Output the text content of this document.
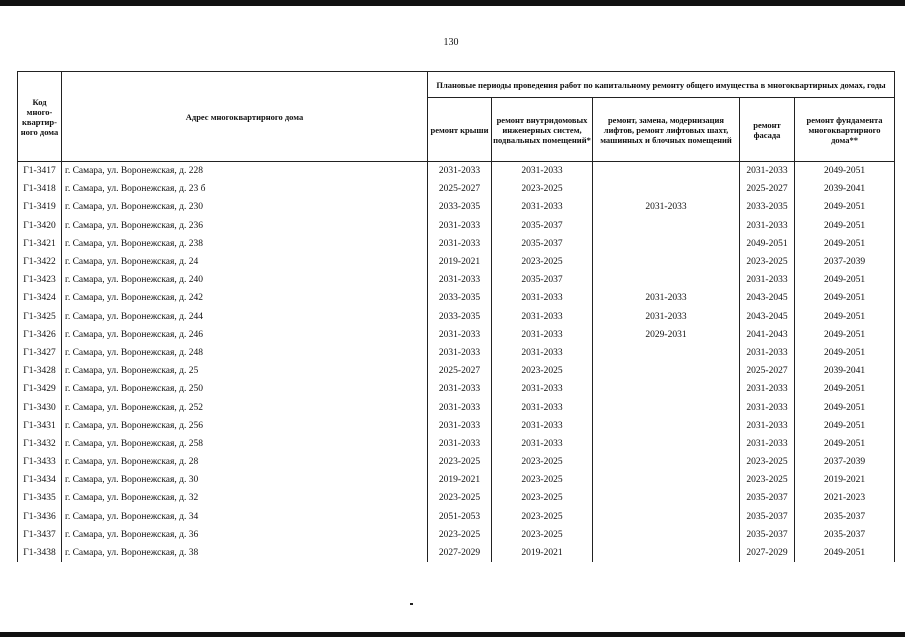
130
Код много-квартир-ного дома	Адрес многоквартирного дома	Плановые периоды проведения работ по капитальному ремонту общего имущества в многоквартирных домах, годы				
		ремонт крыши	ремонт внутридомовых инженерных систем, подвальных помещений*	ремонт, замена, модернизация лифтов, ремонт лифтовых шахт, машинных и блочных помещений	ремонт фасада	ремонт фундамента многоквартирного дома**
Г1-3417	г. Самара, ул. Воронежская, д. 228	2031-2033	2031-2033		2031-2033	2049-2051
Г1-3418	г. Самара, ул. Воронежская, д. 23 б	2025-2027	2023-2025		2025-2027	2039-2041
Г1-3419	г. Самара, ул. Воронежская, д. 230	2033-2035	2031-2033	2031-2033	2033-2035	2049-2051
Г1-3420	г. Самара, ул. Воронежская, д. 236	2031-2033	2035-2037		2031-2033	2049-2051
Г1-3421	г. Самара, ул. Воронежская, д. 238	2031-2033	2035-2037		2049-2051	2049-2051
Г1-3422	г. Самара, ул. Воронежская, д. 24	2019-2021	2023-2025		2023-2025	2037-2039
Г1-3423	г. Самара, ул. Воронежская, д. 240	2031-2033	2035-2037		2031-2033	2049-2051
Г1-3424	г. Самара, ул. Воронежская, д. 242	2033-2035	2031-2033	2031-2033	2043-2045	2049-2051
Г1-3425	г. Самара, ул. Воронежская, д. 244	2033-2035	2031-2033	2031-2033	2043-2045	2049-2051
Г1-3426	г. Самара, ул. Воронежская, д. 246	2031-2033	2031-2033	2029-2031	2041-2043	2049-2051
Г1-3427	г. Самара, ул. Воронежская, д. 248	2031-2033	2031-2033		2031-2033	2049-2051
Г1-3428	г. Самара, ул. Воронежская, д. 25	2025-2027	2023-2025		2025-2027	2039-2041
Г1-3429	г. Самара, ул. Воронежская, д. 250	2031-2033	2031-2033		2031-2033	2049-2051
Г1-3430	г. Самара, ул. Воронежская, д. 252	2031-2033	2031-2033		2031-2033	2049-2051
Г1-3431	г. Самара, ул. Воронежская, д. 256	2031-2033	2031-2033		2031-2033	2049-2051
Г1-3432	г. Самара, ул. Воронежская, д. 258	2031-2033	2031-2033		2031-2033	2049-2051
Г1-3433	г. Самара, ул. Воронежская, д. 28	2023-2025	2023-2025		2023-2025	2037-2039
Г1-3434	г. Самара, ул. Воронежская, д. 30	2019-2021	2023-2025		2023-2025	2019-2021
Г1-3435	г. Самара, ул. Воронежская, д. 32	2023-2025	2023-2025		2035-2037	2021-2023
Г1-3436	г. Самара, ул. Воронежская, д. 34	2051-2053	2023-2025		2035-2037	2035-2037
Г1-3437	г. Самара, ул. Воронежская, д. 36	2023-2025	2023-2025		2035-2037	2035-2037
Г1-3438	г. Самара, ул. Воронежская, д. 38	2027-2029	2019-2021		2027-2029	2049-2051
